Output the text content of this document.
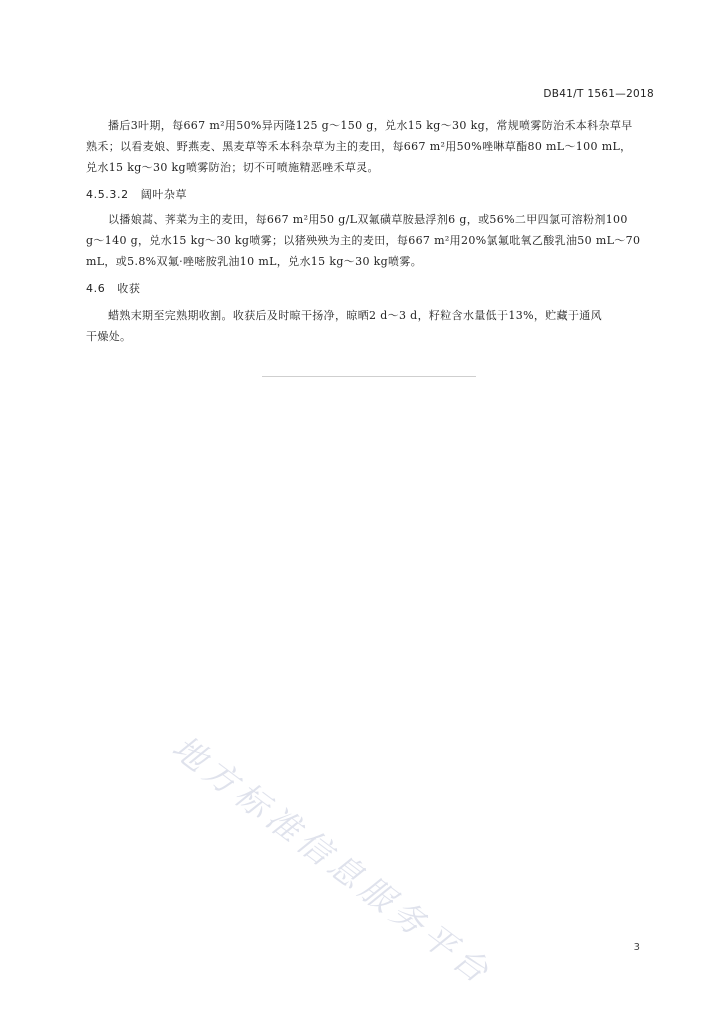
DB41/T 1561—2018
播后3叶期，每667 m²用50%异丙隆125 g～150 g，兑水15 kg～30 kg，常规喷雾防治禾本科杂草早
熟禾；以看麦娘、野燕麦、黑麦草等禾本科杂草为主的麦田，每667 m²用50%唑啉草酯80 mL～100 mL，
兑水15 kg～30 kg喷雾防治；切不可喷施精恶唑禾草灵。
4.5.3.2 阔叶杂草
以播娘蒿、荠菜为主的麦田，每667 m²用50 g/L双氟磺草胺悬浮剂6 g，或56%二甲四氯可溶粉剂100
g～140 g，兑水15 kg～30 kg喷雾；以猪殃殃为主的麦田，每667 m²用20%氯氟吡氧乙酸乳油50 mL～70
mL，或5.8%双氟·唑嘧胺乳油10 mL，兑水15 kg～30 kg喷雾。
4.6 收获
蜡熟末期至完熟期收割。收获后及时晾干扬净，晾晒2 d～3 d，籽粒含水量低于13%，贮藏于通风
干燥处。
地方标准信息服务平台	3
